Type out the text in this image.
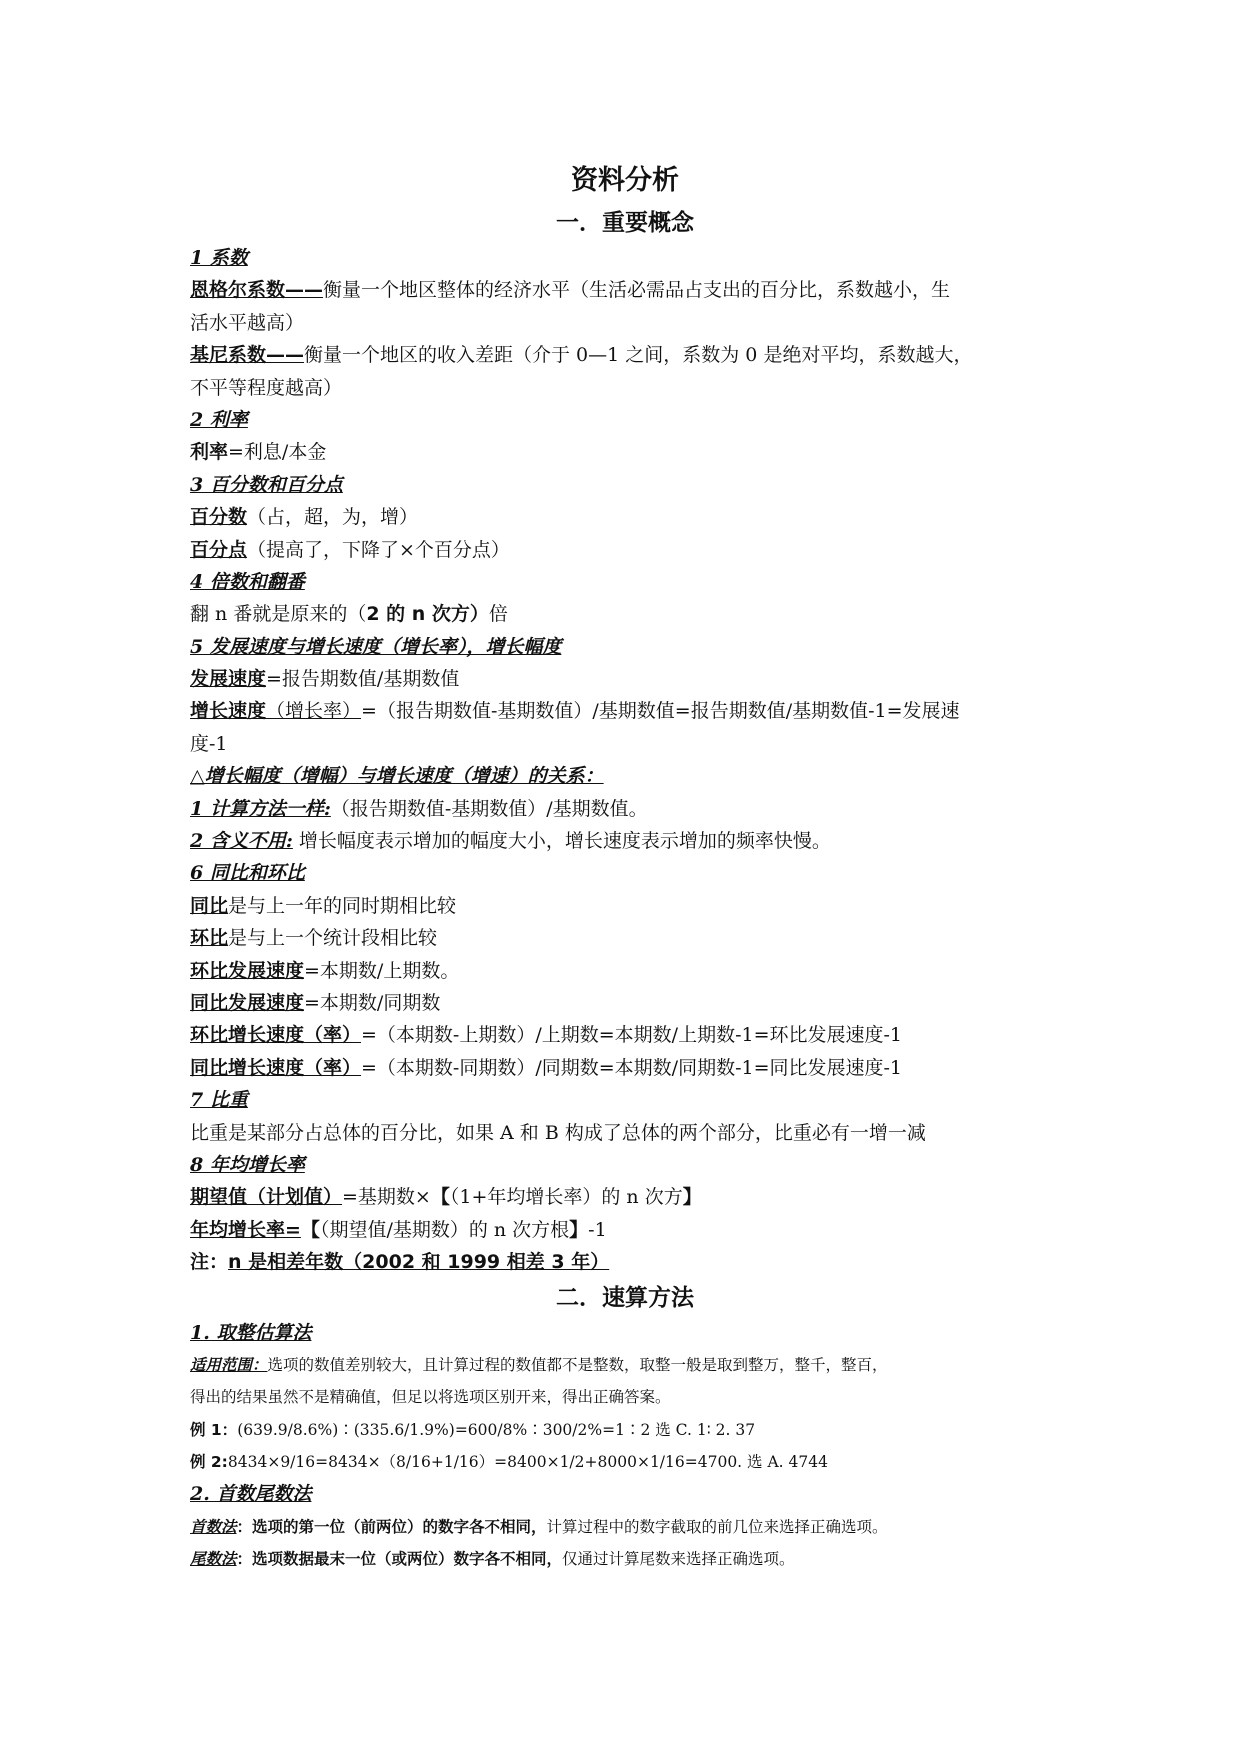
资料分析
一．重要概念
1 系数
恩格尔系数——衡量一个地区整体的经济水平（生活必需品占支出的百分比，系数越小，生
活水平越高）
基尼系数——衡量一个地区的收入差距（介于 0—1 之间，系数为 0 是绝对平均，系数越大，
不平等程度越高）
2 利率
利率=利息/本金
3 百分数和百分点
百分数（占，超，为，增）
百分点（提高了，下降了×个百分点）
4 倍数和翻番
翻 n 番就是原来的（2 的 n 次方）倍
5 发展速度与增长速度（增长率），增长幅度
发展速度=报告期数值/基期数值
增长速度（增长率）=（报告期数值-基期数值）/基期数值=报告期数值/基期数值-1=发展速
度-1
△增长幅度（增幅）与增长速度（增速）的关系：
1 计算方法一样:（报告期数值-基期数值）/基期数值。
2 含义不用: 增长幅度表示增加的幅度大小，增长速度表示增加的频率快慢。
6 同比和环比
同比是与上一年的同时期相比较
环比是与上一个统计段相比较
环比发展速度=本期数/上期数。
同比发展速度=本期数/同期数
环比增长速度（率）=（本期数-上期数）/上期数=本期数/上期数-1=环比发展速度-1
同比增长速度（率）=（本期数-同期数）/同期数=本期数/同期数-1=同比发展速度-1
7 比重
比重是某部分占总体的百分比，如果 A 和 B 构成了总体的两个部分，比重必有一增一减
8 年均增长率
期望值（计划值）=基期数×【（1+年均增长率）的 n 次方】
年均增长率=【（期望值/基期数）的 n 次方根】-1
注：n 是相差年数（2002 和 1999 相差 3 年）
二．速算方法
1. 取整估算法
适用范围：选项的数值差别较大，且计算过程的数值都不是整数，取整一般是取到整万，整千，整百，
得出的结果虽然不是精确值，但足以将选项区别开来，得出正确答案。
例 1：(639.9/8.6%)∶(335.6/1.9%)=600/8%∶300/2%=1∶2 选 C. 1∶ 2. 37
例 2:8434×9/16=8434×（8/16+1/16）=8400×1/2+8000×1/16=4700. 选 A. 4744
2. 首数尾数法
首数法：选项的第一位（前两位）的数字各不相同，计算过程中的数字截取的前几位来选择正确选项。
尾数法：选项数据最末一位（或两位）数字各不相同，仅通过计算尾数来选择正确选项。
